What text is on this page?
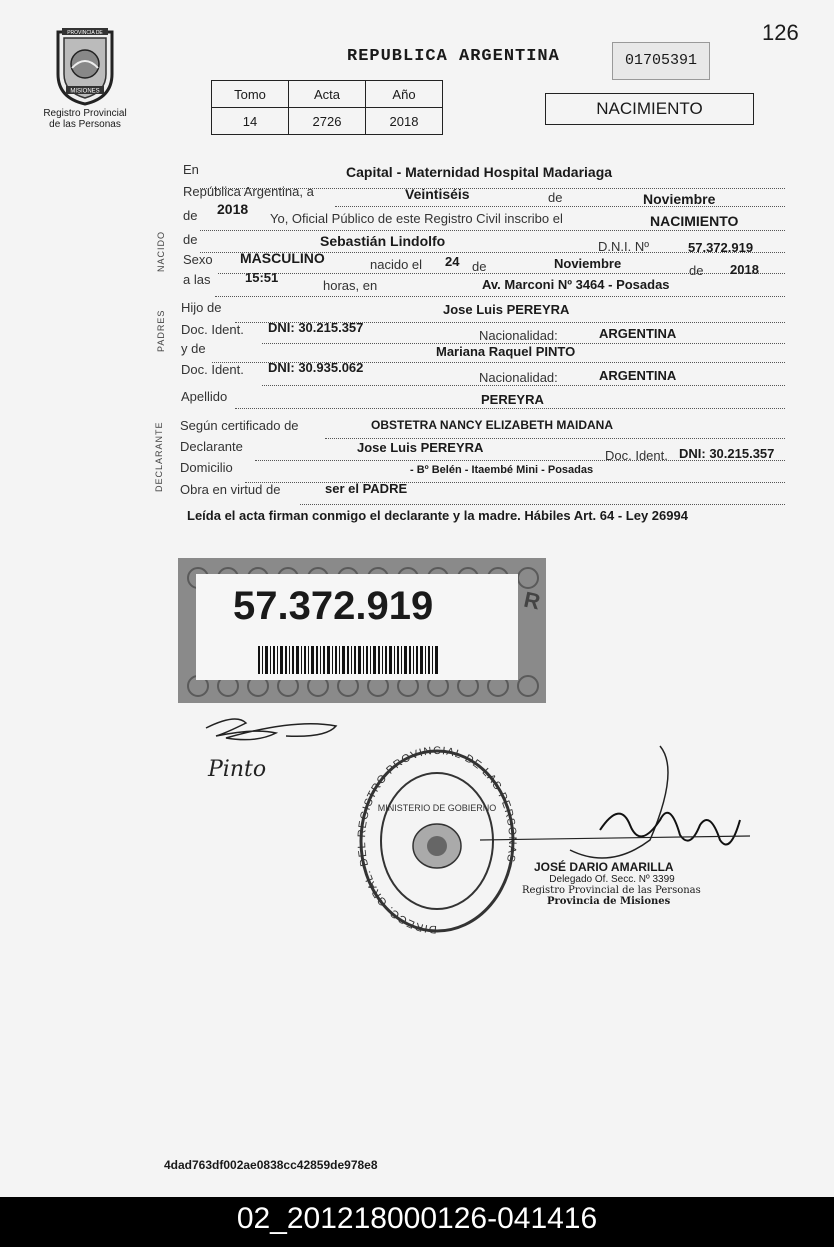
PROVINCIA DE
MISIONES
Registro Provincial
de las Personas
126
REPUBLICA ARGENTINA	01705391
Tomo	Acta	Año
14	2726	2018
NACIMIENTO
NACIDO
PADRES
DECLARANTE
En	Capital - Maternidad Hospital Madariaga
República Argentina, a	Veintiséis	de	Noviembre
de 2018
Yo, Oficial Público de este Registro Civil inscribo el	NACIMIENTO
de	Sebastián Lindolfo	D.N.I. Nº	57.372.919
Sexo MASCULINO	nacido el 24 de	Noviembre	de 2018
a las	15:51
horas, en	Av. Marconi Nº 3464 - Posadas
Hijo de	Jose Luis PEREYRA
Doc. Ident. DNI: 30.215.357
Nacionalidad:	ARGENTINA
y de	Mariana Raquel PINTO
Doc. Ident. DNI: 30.935.062
Nacionalidad:	ARGENTINA
Apellido	PEREYRA
Según certificado de	OBSTETRA NANCY ELIZABETH MAIDANA
Declarante	Jose Luis PEREYRA
Doc. Ident. DNI: 30.215.357
Domicilio	- Bº Belén - Itaembé Mini - Posadas
Obra en virtud de	ser el PADRE
Leída el acta firman conmigo el declarante y la madre. Hábiles Art. 64 - Ley 26994
57.372.919	R
Pinto
DIRECC. GRAL. DEL REGISTRO PROVINCIAL DE LAS PERSONAS
MINISTERIO DE GOBIERNO
JOSÉ DARIO AMARILLA
Delegado Of. Secc. Nº 3399
Registro Provincial de las Personas
Provincia de Misiones
4dad763df002ae0838cc42859de978e8
02_201218000126-041416
